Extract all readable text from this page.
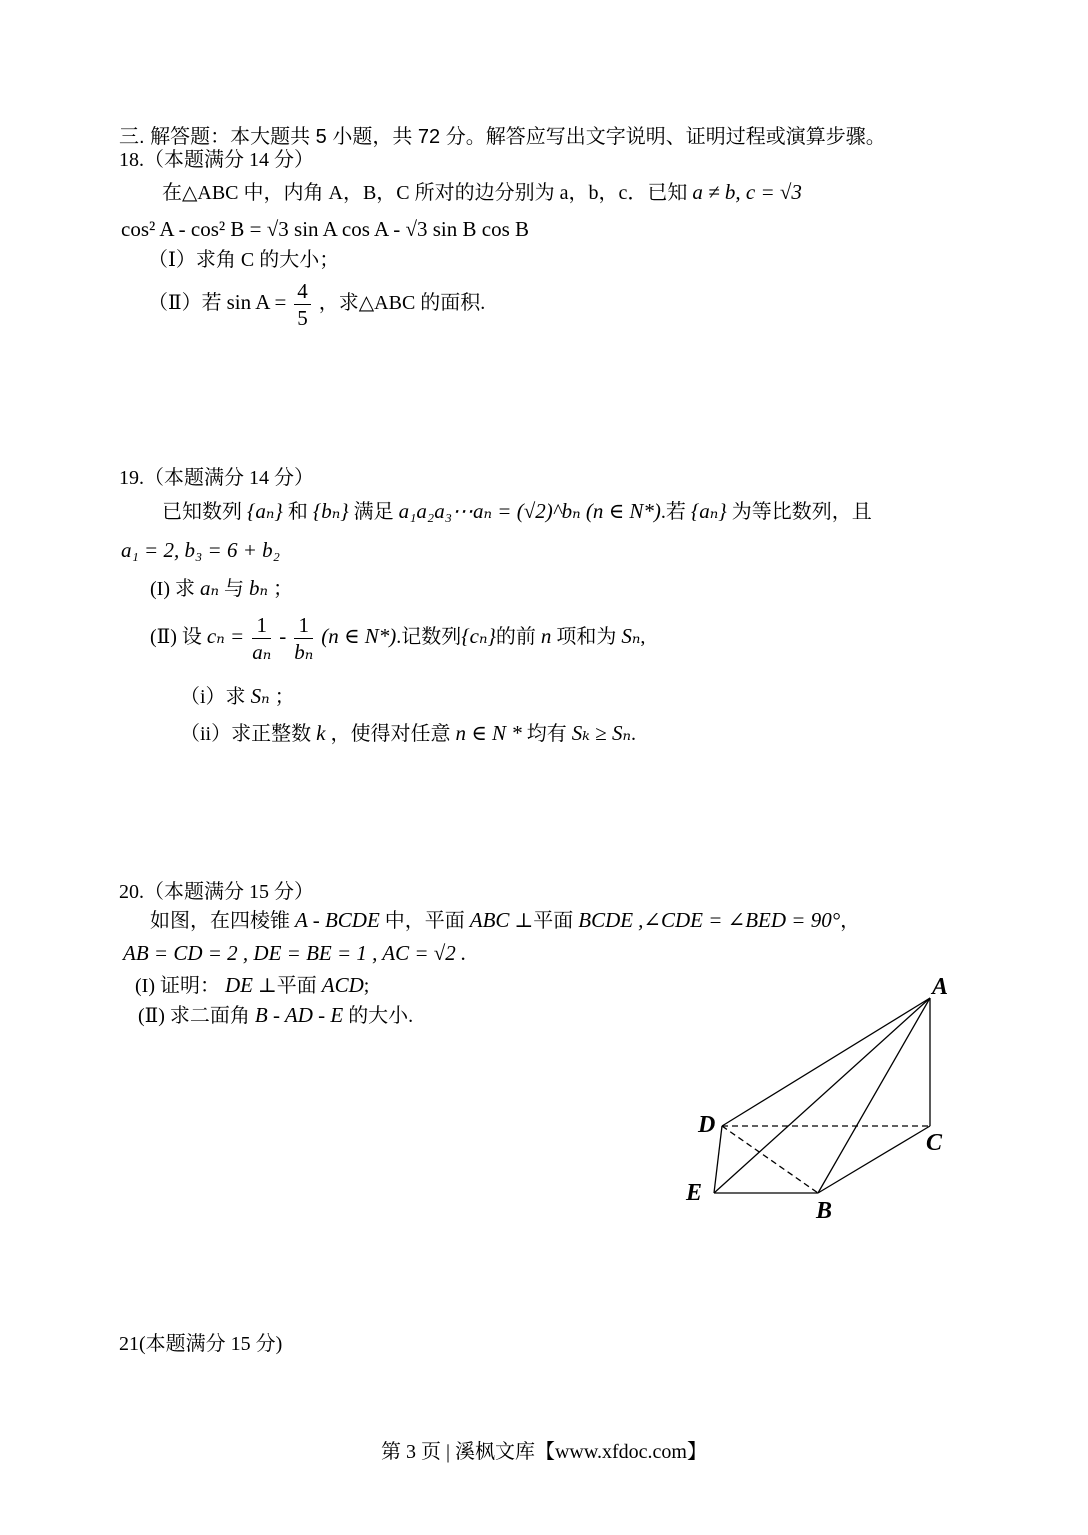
三. 解答题：本大题共 5 小题，共 72 分。解答应写出文字说明、证明过程或演算步骤。
18.（本题满分 14 分）
在△ABC 中，内角 A，B，C 所对的边分别为 a，b，c．已知 a ≠ b, c = √3
cos² A - cos² B = √3 sin A cos A - √3 sin B cos B
（Ⅰ）求角 C 的大小；
（Ⅱ）若 $\sin A = \frac{4}{5}$ ，求△ABC 的面积.
19.（本题满分 14 分）
已知数列 {aₙ} 和 {bₙ} 满足 a₁a₂a₃⋯aₙ = (√2)^bₙ (n ∈ N*).若 {aₙ} 为等比数列，且
a₁ = 2, b₃ = 6 + b₂
(I) 求 aₙ 与 bₙ ；
(Ⅱ) 设 $c_n = \frac{1}{\text{aₙ}} - \frac{1}{\text{bₙ}} (n$ ∈ N*).记数列{cₙ}的前 n 项和为 Sₙ,
（i）求 Sₙ ；
（ii）求正整数 k ，使得对任意 n ∈ N * 均有 Sₖ ≥ Sₙ.
20.（本题满分 15 分）
如图，在四棱锥 A - BCDE 中，平面 ABC ⊥平面 BCDE ,∠CDE = ∠BED = 90°，
AB = CD = 2 , DE = BE = 1 , AC = √2 .
(I) 证明： DE ⊥平面 ACD;
(Ⅱ) 求二面角 B - AD - E 的大小.
A
D
C
E
B
21(本题满分 15 分)
第 3 页 | 溪枫文库【www.xfdoc.com】
